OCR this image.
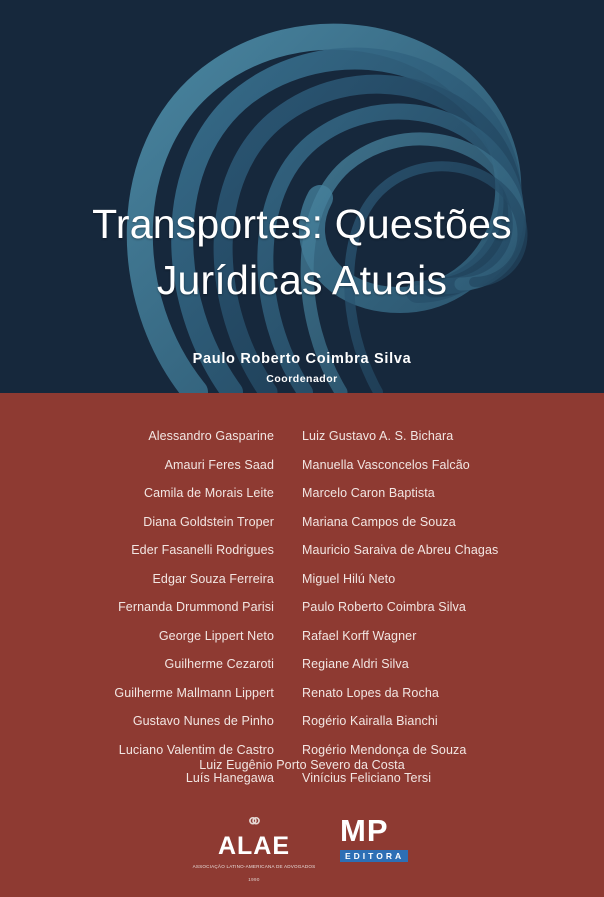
Transportes: Questões
Jurídicas Atuais
Paulo Roberto Coimbra Silva
Coordenador
Alessandro Gasparine
Amauri Feres Saad
Camila de Morais Leite
Diana Goldstein Troper
Eder Fasanelli Rodrigues
Edgar Souza Ferreira
Fernanda Drummond Parisi
George Lippert Neto
Guilherme Cezaroti
Guilherme Mallmann Lippert
Gustavo Nunes de Pinho
Luciano Valentim de Castro
Luís Hanegawa
Luiz Gustavo A. S. Bichara
Manuella Vasconcelos Falcão
Marcelo Caron Baptista
Mariana Campos de Souza
Mauricio Saraiva de Abreu Chagas
Miguel Hilú Neto
Paulo Roberto Coimbra Silva
Rafael Korff Wagner
Regiane Aldri Silva
Renato Lopes da Rocha
Rogério Kairalla Bianchi
Rogério Mendonça de Souza
Vinícius Feliciano Tersi
Luiz Eugênio Porto Severo da Costa
⚭
ALAE
ASSOCIAÇÃO LATINO-AMERICANA DE ADVOGADOS
1990
MP
EDITORA
